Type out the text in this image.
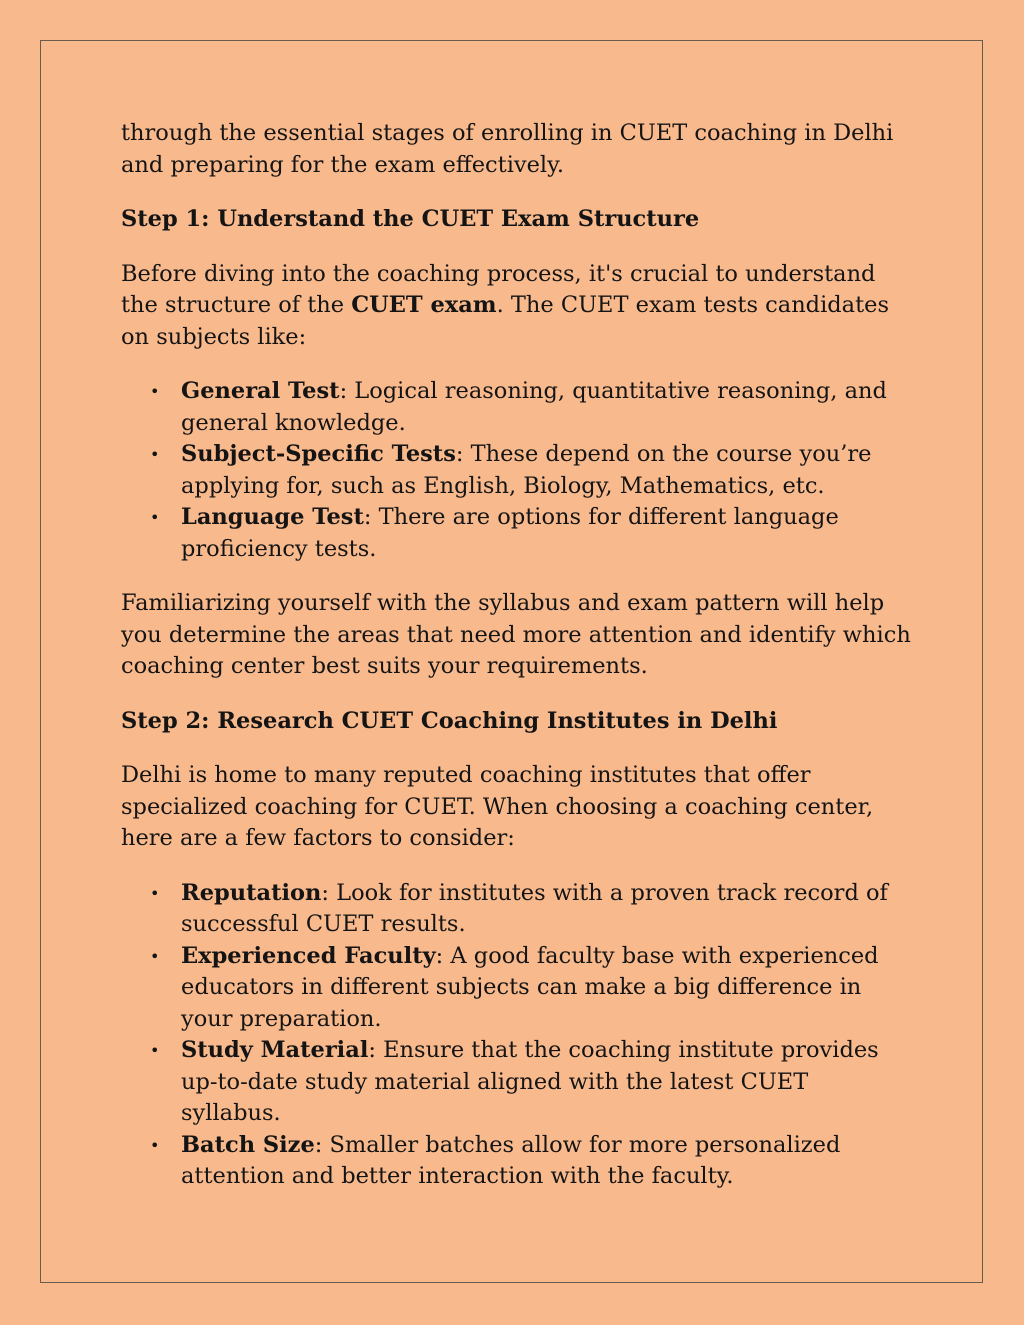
through the essential stages of enrolling in CUET coaching in Delhi and preparing for the exam effectively.

Step 1: Understand the CUET Exam Structure

Before diving into the coaching process, it's crucial to understand the structure of the CUET exam. The CUET exam tests candidates on subjects like:

• General Test: Logical reasoning, quantitative reasoning, and general knowledge.
• Subject-Specific Tests: These depend on the course you’re applying for, such as English, Biology, Mathematics, etc.
• Language Test: There are options for different language proficiency tests.

Familiarizing yourself with the syllabus and exam pattern will help you determine the areas that need more attention and identify which coaching center best suits your requirements.

Step 2: Research CUET Coaching Institutes in Delhi

Delhi is home to many reputed coaching institutes that offer specialized coaching for CUET. When choosing a coaching center, here are a few factors to consider:

• Reputation: Look for institutes with a proven track record of successful CUET results.
• Experienced Faculty: A good faculty base with experienced educators in different subjects can make a big difference in your preparation.
• Study Material: Ensure that the coaching institute provides up-to-date study material aligned with the latest CUET syllabus.
• Batch Size: Smaller batches allow for more personalized attention and better interaction with the faculty.
